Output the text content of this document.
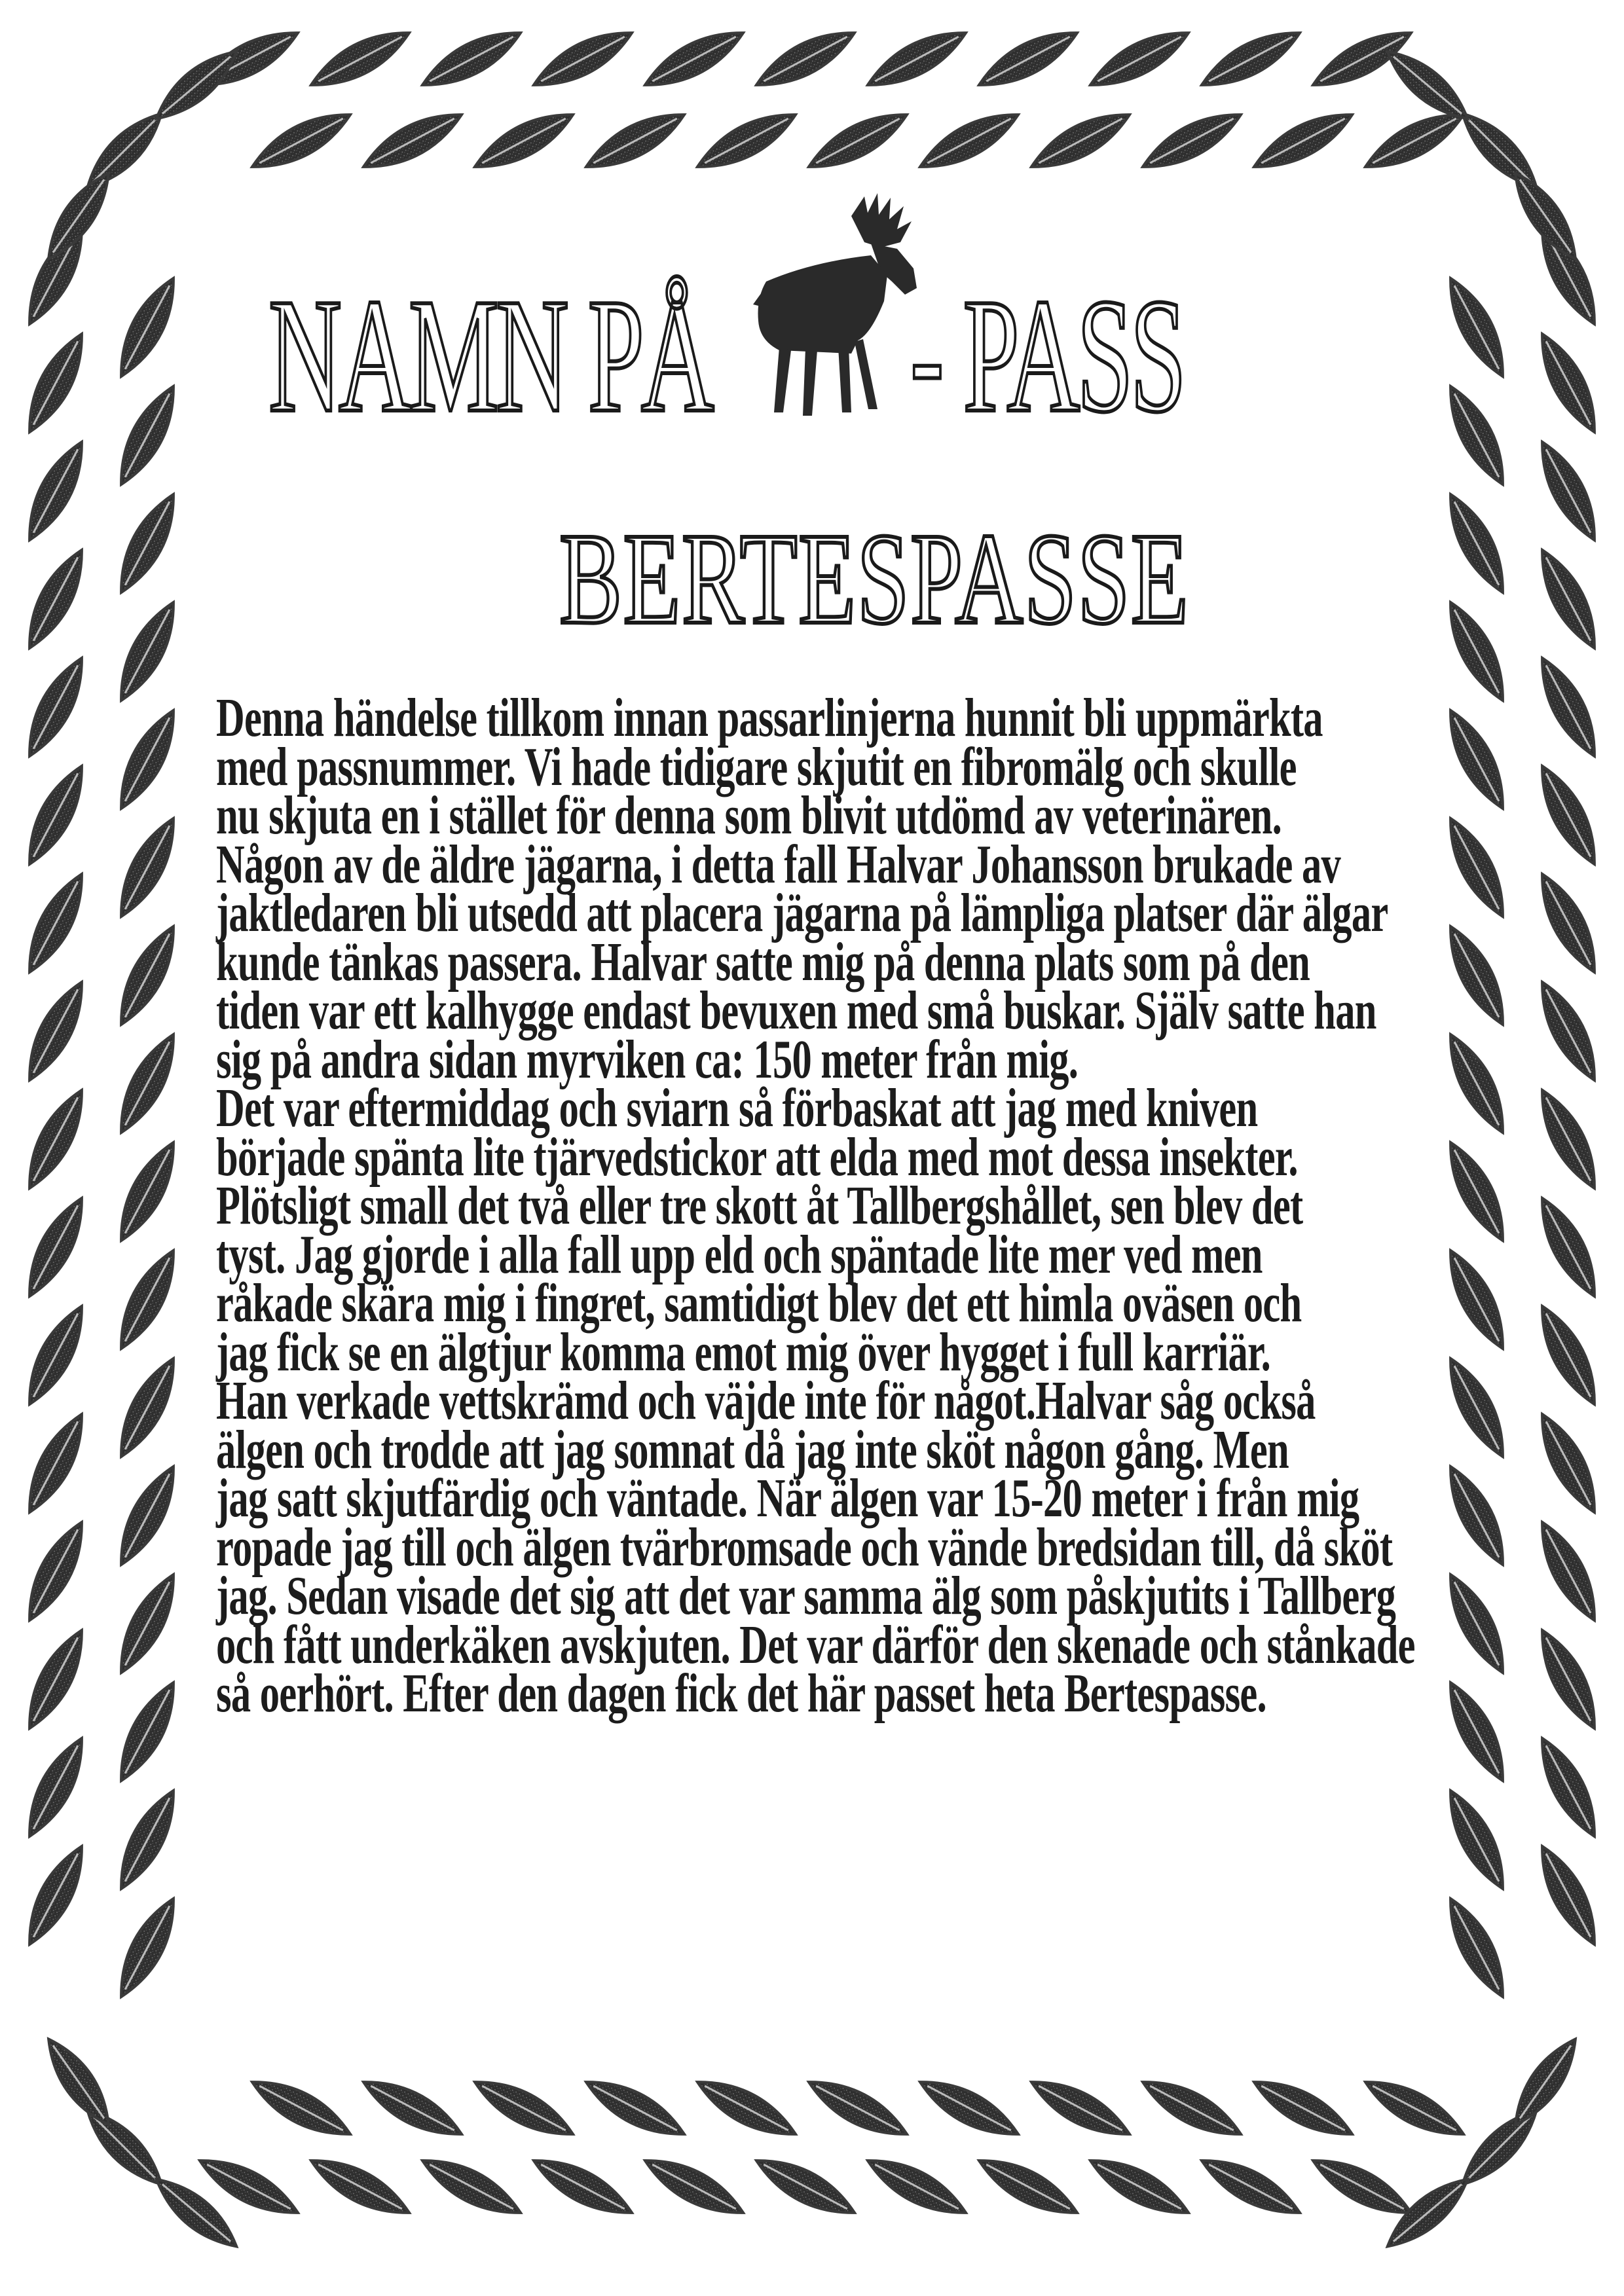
NAMN PÅ - PASS
BERTESPASSE
Denna händelse tillkom innan passarlinjerna hunnit bli uppmärkta
med passnummer. Vi hade tidigare skjutit en fibromälg och skulle
nu skjuta en i stället för denna som blivit utdömd av veterinären.
Någon av de äldre jägarna, i detta fall Halvar Johansson brukade av
jaktledaren bli utsedd att placera jägarna på lämpliga platser där älgar
kunde tänkas passera. Halvar satte mig på denna plats som på den
tiden var ett kalhygge endast bevuxen med små buskar. Själv satte han
sig på andra sidan myrviken ca: 150 meter från mig.
Det var eftermiddag och sviarn så förbaskat att jag med kniven
började spänta lite tjärvedstickor att elda med mot dessa insekter.
Plötsligt small det två eller tre skott åt Tallbergshållet, sen blev det
tyst. Jag gjorde i alla fall upp eld och späntade lite mer ved men
råkade skära mig i fingret, samtidigt blev det ett himla oväsen och
jag fick se en älgtjur komma emot mig över hygget i full karriär.
Han verkade vettskrämd och väjde inte för något.Halvar såg också
älgen och trodde att jag somnat då jag inte sköt någon gång. Men
jag satt skjutfärdig och väntade. När älgen var 15-20 meter i från mig
ropade jag till och älgen tvärbromsade och vände bredsidan till, då sköt
jag. Sedan visade det sig att det var samma älg som påskjutits i Tallberg
och fått underkäken avskjuten. Det var därför den skenade och stånkade
så oerhört. Efter den dagen fick det här passet heta Bertespasse.
